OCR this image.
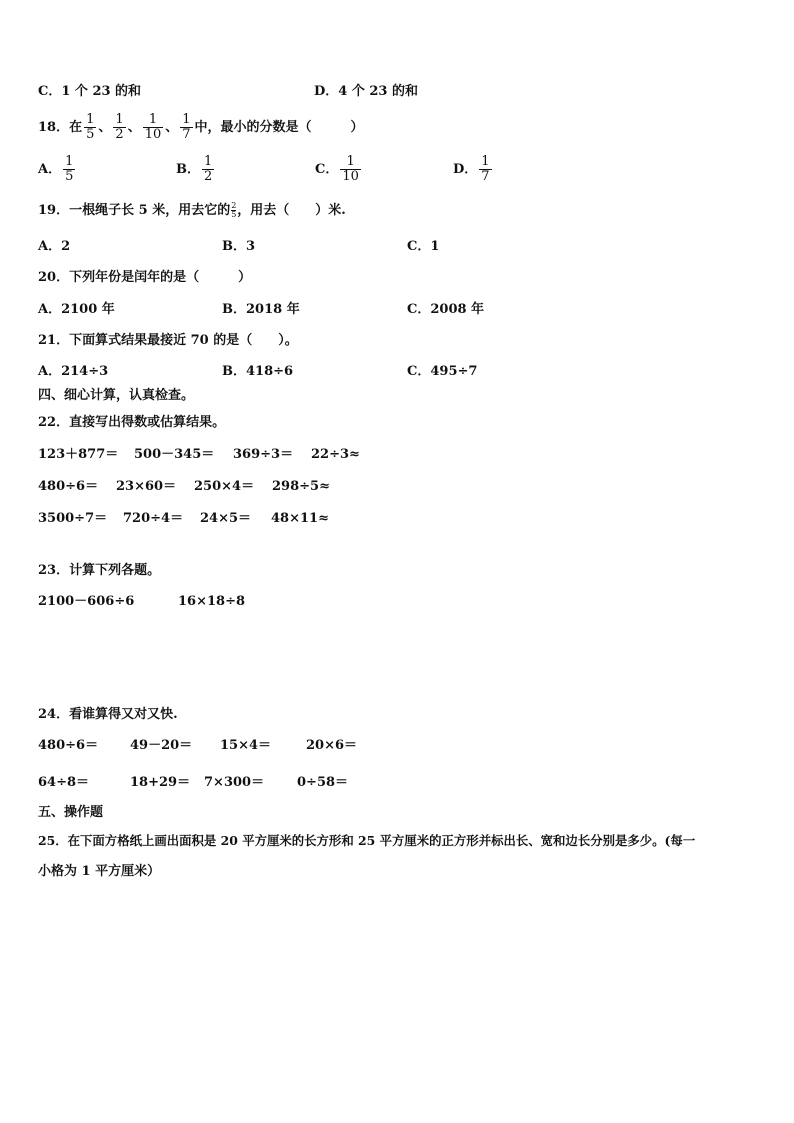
C．1 个 23 的和	D．4 个 23 的和
18．在 $\frac{1}{5}$ 、 $\frac{1}{2}$ 、 $\frac{1}{10}$ 、 $\frac{1}{7}$ 中，最小的分数是（　　　）
A． $\frac{1}{5}$	B． $\frac{1}{2}$	C． $\frac{1}{10}$	D． $\frac{1}{7}$
19．一根绳子长 5 米，用去它的 $\frac{2}{5}$ ，用去（　　）米.
A．2	B．3	C．1
20．下列年份是闰年的是（　　　）
A．2100 年	B．2018 年	C．2008 年
21．下面算式结果最接近 70 的是（　　）。
A．214÷3	B．418÷6	C．495÷7
四、细心计算，认真检查。
22．直接写出得数或估算结果。
123＋877＝ 500－345＝ 369÷3＝ 22÷3≈
480÷6＝ 23×60＝ 250×4＝ 298÷5≈
3500÷7＝ 720÷4＝ 24×5＝ 48×11≈
23．计算下列各题。
2100－606÷6	16×18÷8
24．看谁算得又对又快.
480÷6＝ 49－20＝ 15×4＝	20×6＝
64÷8＝	18+29＝ 7×300＝	0÷58＝
五、操作题
25．在下面方格纸上画出面积是 20 平方厘米的长方形和 25 平方厘米的正方形并标出长、宽和边长分别是多少。(每一
小格为 1 平方厘米）
